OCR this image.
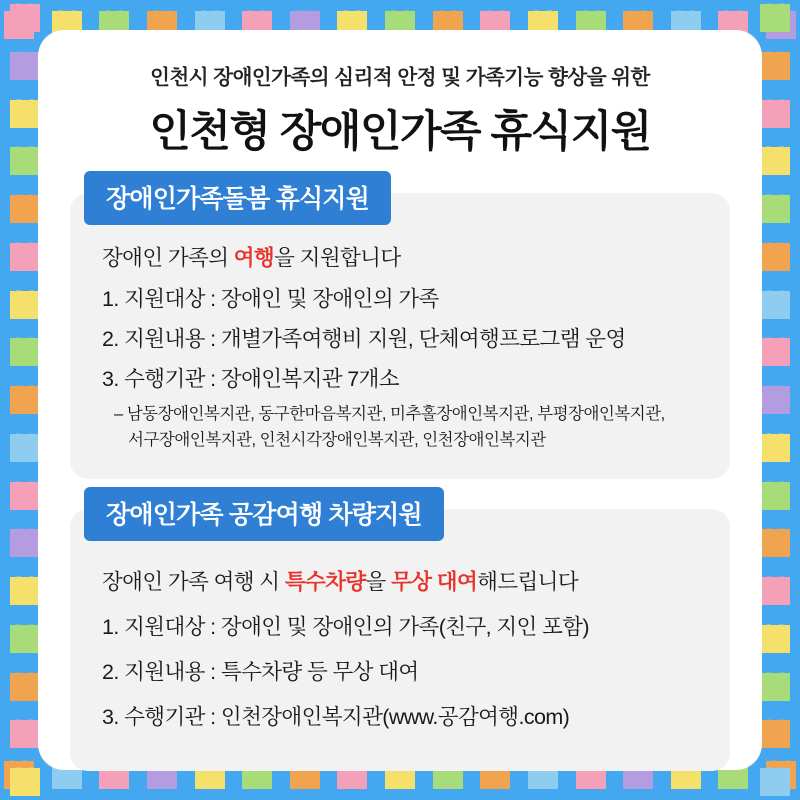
인천시 장애인가족의 심리적 안정 및 가족기능 향상을 위한
인천형 장애인가족 휴식지원
장애인가족돌봄 휴식지원
장애인 가족의 여행을 지원합니다
1. 지원대상 : 장애인 및 장애인의 가족
2. 지원내용 : 개별가족여행비 지원, 단체여행프로그램 운영
3. 수행기관 : 장애인복지관 7개소
– 남동장애인복지관, 동구한마음복지관, 미추홀장애인복지관, 부평장애인복지관,
서구장애인복지관, 인천시각장애인복지관, 인천장애인복지관
장애인가족 공감여행 차량지원
장애인 가족 여행 시 특수차량을 무상 대여해드립니다
1. 지원대상 : 장애인 및 장애인의 가족(친구, 지인 포함)
2. 지원내용 : 특수차량 등 무상 대여
3. 수행기관 : 인천장애인복지관(www.공감여행.com)
